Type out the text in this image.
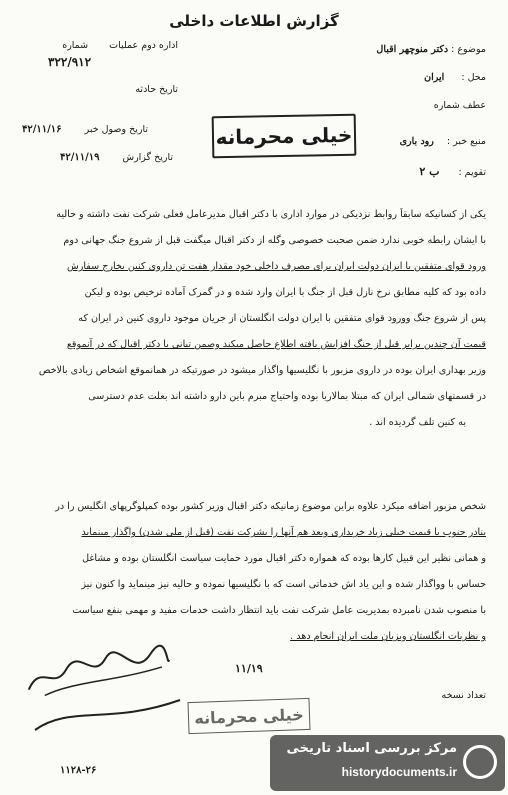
گزارش اطلاعات داخلی
اداره دوم عملیات شماره
۳۲۲/۹۱۲
تاریخ حادثه
تاریخ وصول خبر
۴۲/۱۱/۱۶
تاریخ گزارش
۴۲/۱۱/۱۹
موضوع : دکتر منوچهر اقبال
محل : ایران
عطف شماره
منبع خبر : رود باری
تقویم : ب ۲
خیلی محرمانه
یکی از کسانیکه سابقاً روابط نزدیکی در موارد اداری با دکتر اقبال مدیرعامل فعلی شرکت نفت داشته و حالیه
با ایشان رابطه خوبی ندارد ضمن صحبت خصوصی وگله از دکتر اقبال میگفت قبل از شروع جنگ جهانی دوم
ورود قوای متفقین با ایران دولت ایران برای مصرف داخلی خود مقدار هفت تن داروی کنین بخارج سفارش
داده بود که کلیه مطابق نرخ نازل قبل از جنگ با ایران وارد شده و در گمرک آماده ترخیص بوده و لیکن
پس از شروع جنگ وورود قوای متفقین با ایران دولت انگلستان از جریان موجود داروی کنین در ایران که
قیمت آن چندین برابر قبل از جنگ افزایش یافته اطلاع حاصل میکند وصمن تبانی با دکتر اقبال که در آنموقع
وزیر بهداری ایران بوده در داروی مزبور با نگلیسیها واگذار میشود در صورتیکه در همانموقع اشخاص زیادی بالاخص
در قسمتهای شمالی ایران که مبتلا بمالاریا بوده واحتیاج مبرم باین دارو داشته اند بعلت عدم دسترسی
به کنین تلف گردیده اند .
شخص مزبور اضافه میکرد علاوه براین موضوع زمانیکه دکتر اقبال وزیر کشور بوده کمپلوگرپهای انگلیس را در
بنادر جنوب با قیمت خیلی زیاد خریداری وبعد هم آنها را بشرکت نفت (قبل از ملی شدن) واگذار مینماید
و همانی نظیر این قبیل کارها بوده که همواره دکتر اقبال مورد حمایت سیاست انگلستان بوده و مشاغل
حساس با وواگذار شده و این یاد اش خدماتی است که با نگلیسیها نموده و حالیه نیز مینماید وا کنون نیز
با منصوب شدن نامبرده بمدیریت عامل شرکت نفت باید انتظار داشت خدمات مفید و مهمی بنفع سیاست
و نظریات انگلستان وبزیان ملت ایران انجام دهد .
۱۱/۱۹
خیلی محرمانه
تعداد نسخه
۱۱۲۸-۲۶
مرکز بررسی اسناد تاریخی
historydocuments.ir
